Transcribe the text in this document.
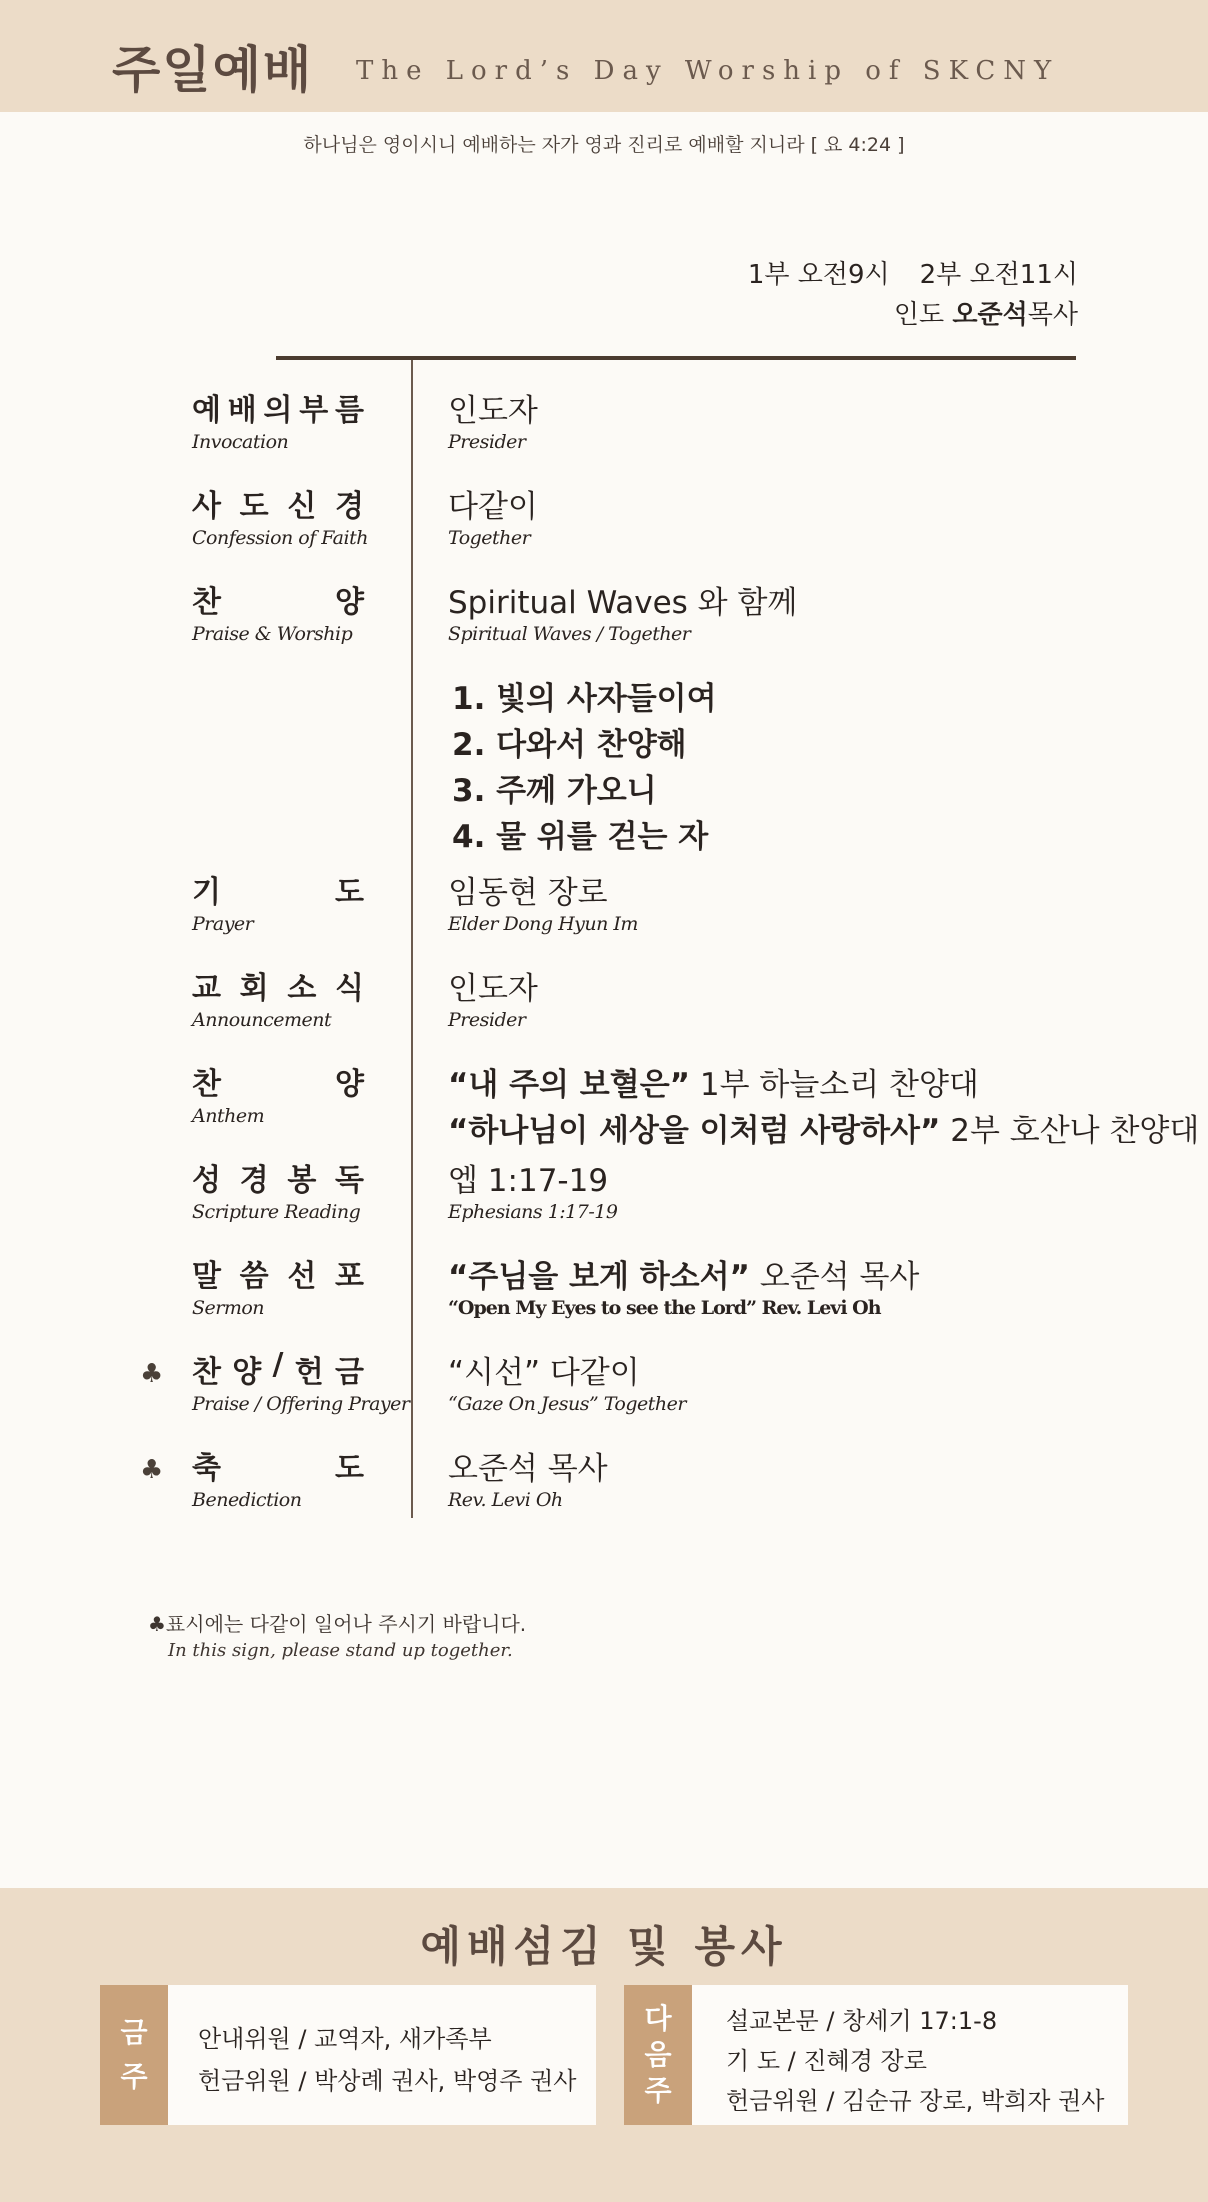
주일예배 The Lord’s Day Worship of SKCNY
하나님은 영이시니 예배하는 자가 영과 진리로 예배할 지니라 [ 요 4:24 ]
1부 오전9시 2부 오전11시
인도 오준석목사
예 배 의 부 름
Invocation
인도자
Presider
사 도 신 경
Confession of Faith
다같이
Together
찬	양
Praise & Worship
Spiritual Waves 와 함께
Spiritual Waves / Together
1. 빛의 사자들이여
2. 다와서 찬양해
3. 주께 가오니
4. 물 위를 걷는 자
기	도
Prayer
임동현 장로
Elder Dong Hyun Im
교 회 소 식
Announcement
인도자
Presider
찬	양
Anthem
“내 주의 보혈은” 1부 하늘소리 찬양대
“하나님이 세상을 이처럼 사랑하사” 2부 호산나 찬양대
성 경 봉 독
Scripture Reading
엡 1:17-19
Ephesians 1:17-19
말 씀 선 포
Sermon
“주님을 보게 하소서” 오준석 목사
“Open My Eyes to see the Lord” Rev. Levi Oh
♣ 찬 양 / 헌 금
Praise / Offering Prayer
“시선” 다같이
“Gaze On Jesus” Together
♣ 축	도
Benediction
오준석 목사
Rev. Levi Oh
♣표시에는 다같이 일어나 주시기 바랍니다.
In this sign, please stand up together.
예배섬김 및 봉사
금
주
안내위원 / 교역자, 새가족부
헌금위원 / 박상례 권사, 박영주 권사
다
음
주
설교본문 / 창세기 17:1-8
기 도 / 진혜경 장로
헌금위원 / 김순규 장로, 박희자 권사
